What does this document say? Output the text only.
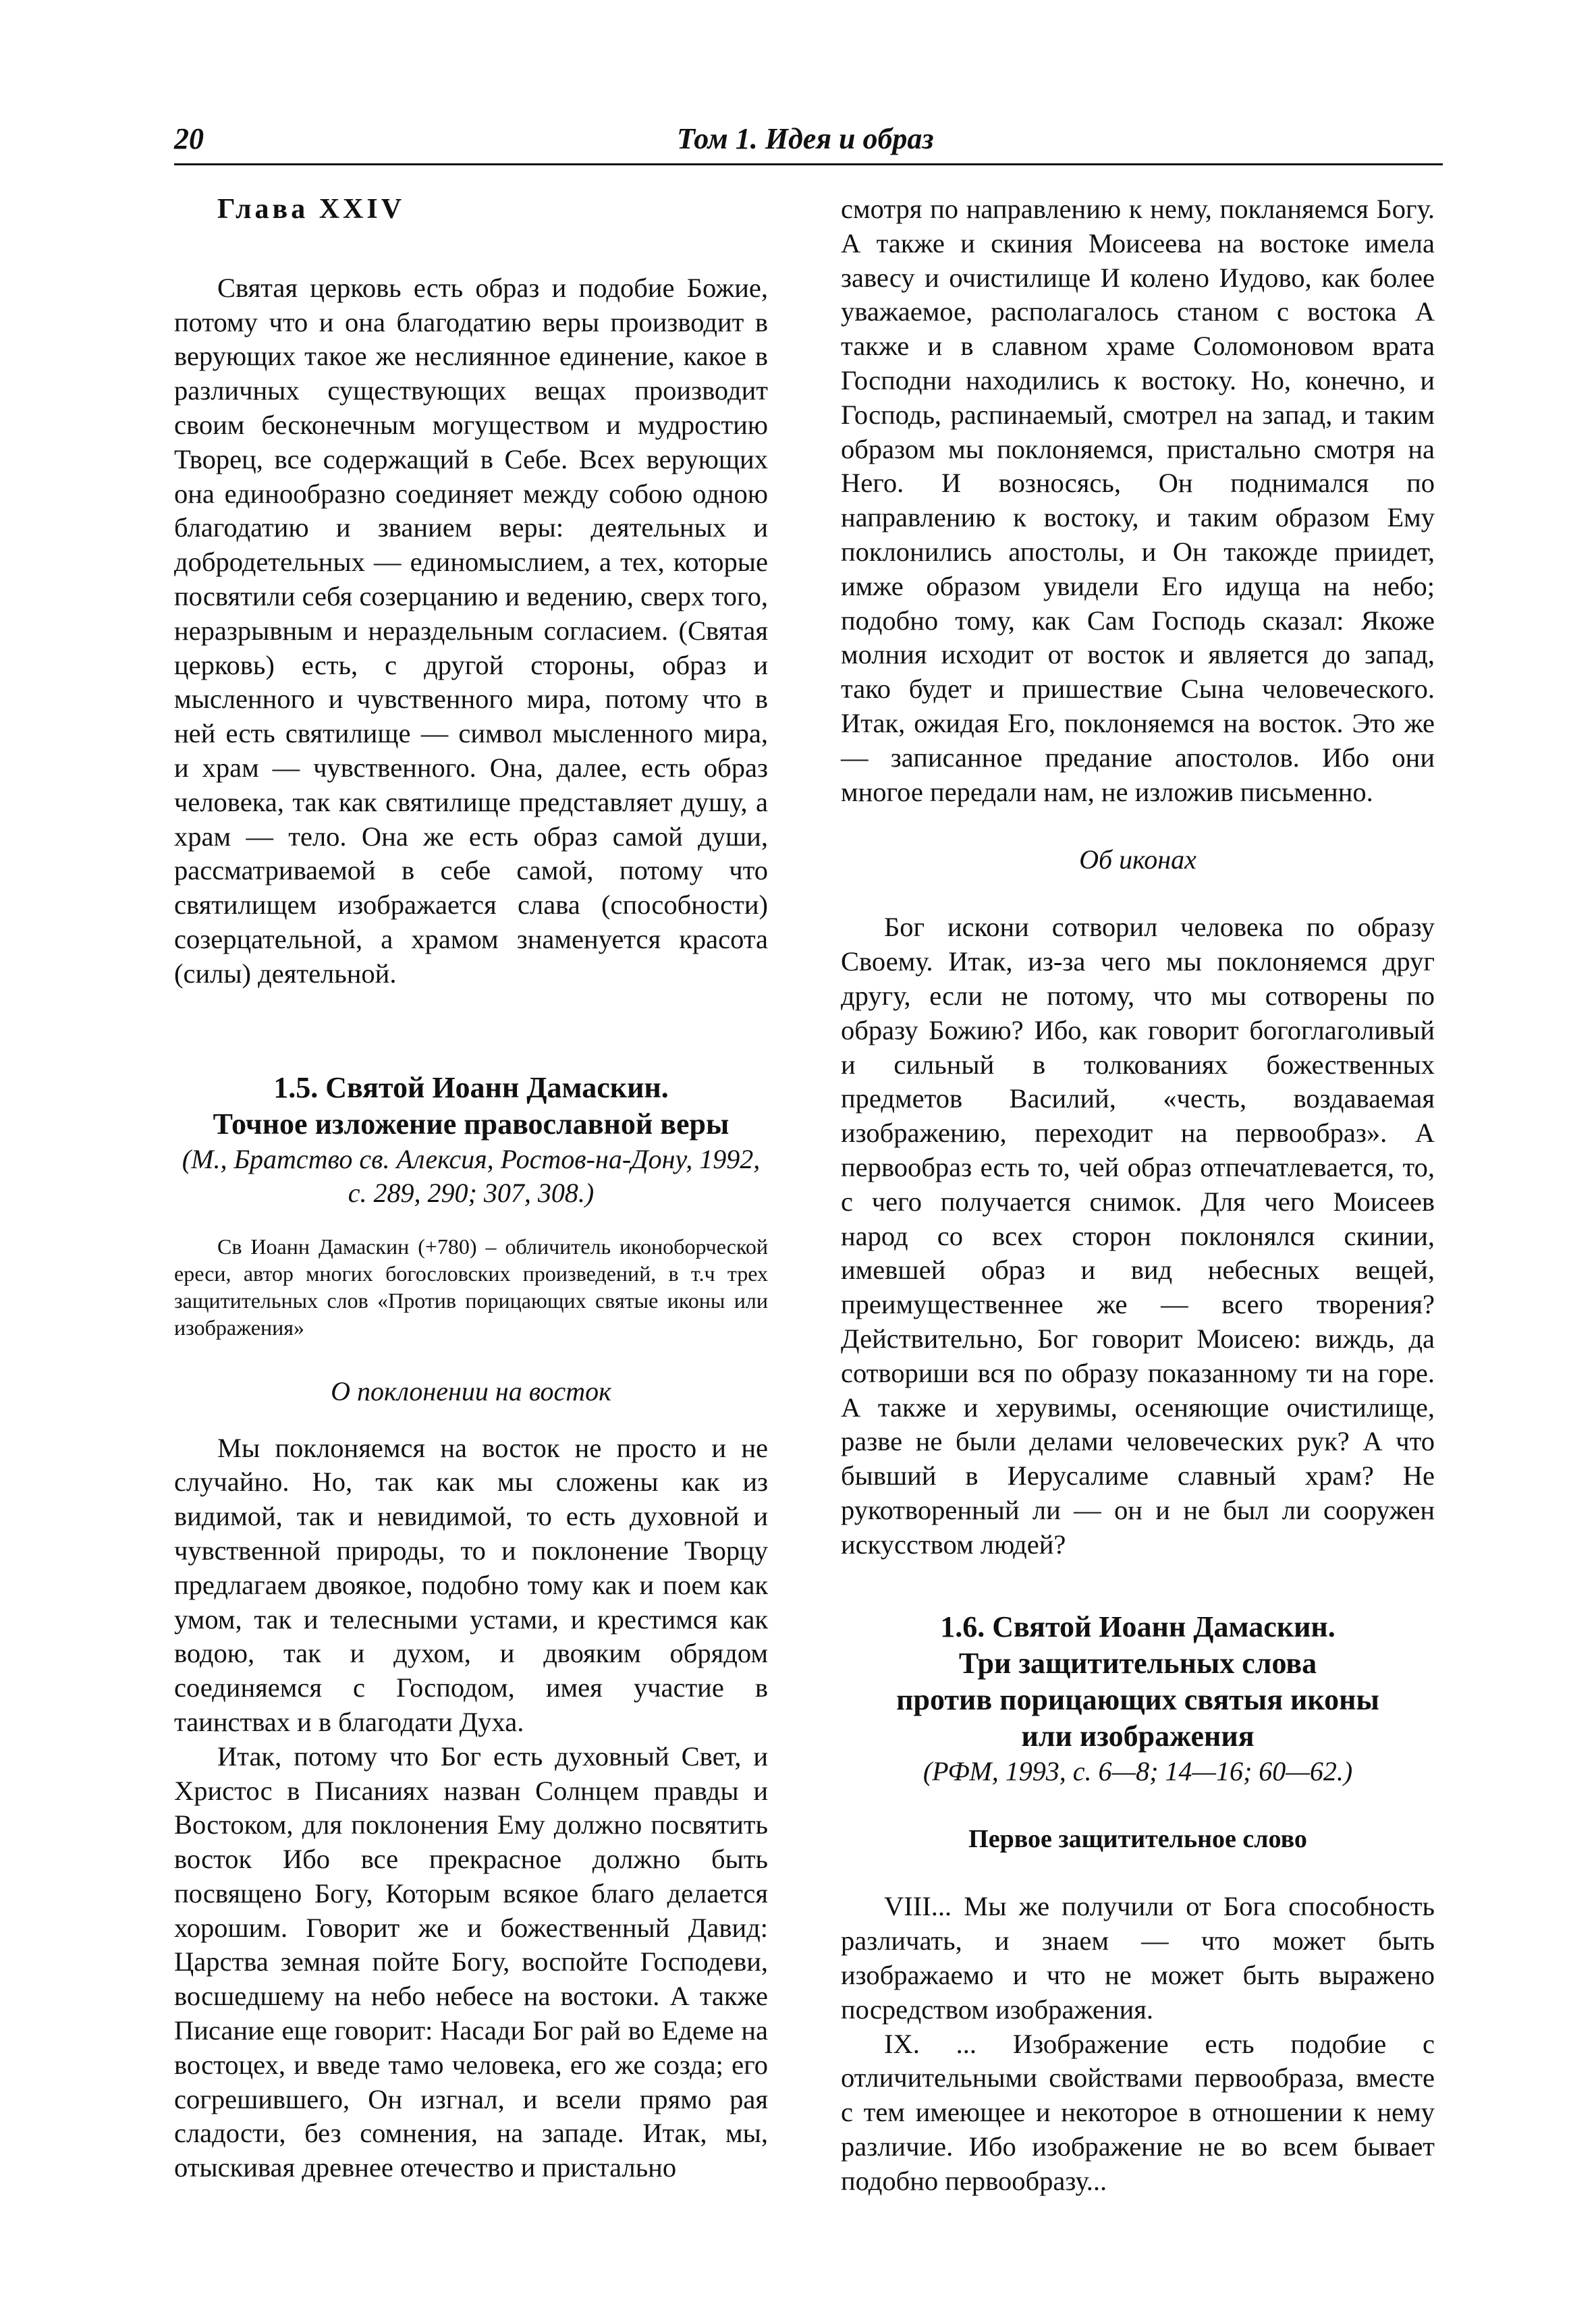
20	Том 1. Идея и образ
Глава XXIV

Святая церковь есть образ и подобие Божие, потому что и она благодатию веры производит в верующих такое же неслиянное единение, какое в различных существующих вещах производит своим бесконечным могуществом и мудростию Творец, все содержащий в Себе. Всех верующих она единообразно соединяет между собою одною благодатию и званием веры: деятельных и добродетельных — единомыслием, а тех, которые посвятили себя созерцанию и ведению, сверх того, неразрывным и нераздельным согласием. (Святая церковь) есть, с другой стороны, образ и мысленного и чувственного мира, потому что в ней есть святилище — символ мысленного мира, и храм — чувственного. Она, далее, есть образ человека, так как святилище представляет душу, а храм — тело. Она же есть образ самой души, рассматриваемой в себе самой, потому что святилищем изображается слава (способности) созерцательной, а храмом знаменуется красота (силы) деятельной.

1.5. Святой Иоанн Дамаскин.
Точное изложение православной веры
(М., Братство св. Алексия, Ростов-на-Дону, 1992,
с. 289, 290; 307, 308.)

Св Иоанн Дамаскин (+780) – обличитель иконоборческой ереси, автор многих богословских произведений, в т.ч трех защитительных слов «Против порицающих святые иконы или изображения»

О поклонении на восток

Мы поклоняемся на восток не просто и не случайно. Но, так как мы сложены как из видимой, так и невидимой, то есть духовной и чувственной природы, то и поклонение Творцу предлагаем двоякое, подобно тому как и поем как умом, так и телесными устами, и крестимся как водою, так и духом, и двояким обрядом соединяемся с Господом, имея участие в таинствах и в благодати Духа.

Итак, потому что Бог есть духовный Свет, и Христос в Писаниях назван Солнцем правды и Востоком, для поклонения Ему должно посвятить восток Ибо все прекрасное должно быть посвящено Богу, Которым всякое благо делается хорошим. Говорит же и божественный Давид: Царства земная пойте Богу, воспойте Господеви, восшедшему на небо небесе на востоки. А также Писание еще говорит: Насади Бог рай во Едеме на востоцех, и введе тамо человека, его же созда; его согрешившего, Он изгнал, и всели прямо рая сладости, без сомнения, на западе. Итак, мы, отыскивая древнее отечество и пристально

смотря по направлению к нему, покланяемся Богу. А также и скиния Моисеева на востоке имела завесу и очистилище И колено Иудово, как более уважаемое, располагалось станом с востока А также и в славном храме Соломоновом врата Господни находились к востоку. Но, конечно, и Господь, распинаемый, смотрел на запад, и таким образом мы поклоняемся, пристально смотря на Него. И возносясь, Он поднимался по направлению к востоку, и таким образом Ему поклонились апостолы, и Он такожде приидет, имже образом увидели Его идуща на небо; подобно тому, как Сам Господь сказал: Якоже молния исходит от восток и является до запад, тако будет и пришествие Сына человеческого. Итак, ожидая Его, поклоняемся на восток. Это же — записанное предание апостолов. Ибо они многое передали нам, не изложив письменно.

Об иконах

Бог искони сотворил человека по образу Своему. Итак, из-за чего мы поклоняемся друг другу, если не потому, что мы сотворены по образу Божию? Ибо, как говорит богоглаголивый и сильный в толкованиях божественных предметов Василий, «честь, воздаваемая изображению, переходит на первообраз». А первообраз есть то, чей образ отпечатлевается, то, с чего получается снимок. Для чего Моисеев народ со всех сторон поклонялся скинии, имевшей образ и вид небесных вещей, преимущественнее же — всего творения? Действительно, Бог говорит Моисею: виждь, да сотвориши вся по образу показанному ти на горе. А также и херувимы, осеняющие очистилище, разве не были делами человеческих рук? А что бывший в Иерусалиме славный храм? Не рукотворенный ли — он и не был ли сооружен искусством людей?

1.6. Святой Иоанн Дамаскин.
Три защитительных слова
против порицающих святыя иконы
или изображения
(РФМ, 1993, с. 6—8; 14—16; 60—62.)
Первое защитительное слово

VIII... Мы же получили от Бога способность различать, и знаем — что может быть изображаемо и что не может быть выражено посредством изображения.

IX. ... Изображение есть подобие с отличительными свойствами первообраза, вместе с тем имеющее и некоторое в отношении к нему различие. Ибо изображение не во всем бывает подобно первообразу...
